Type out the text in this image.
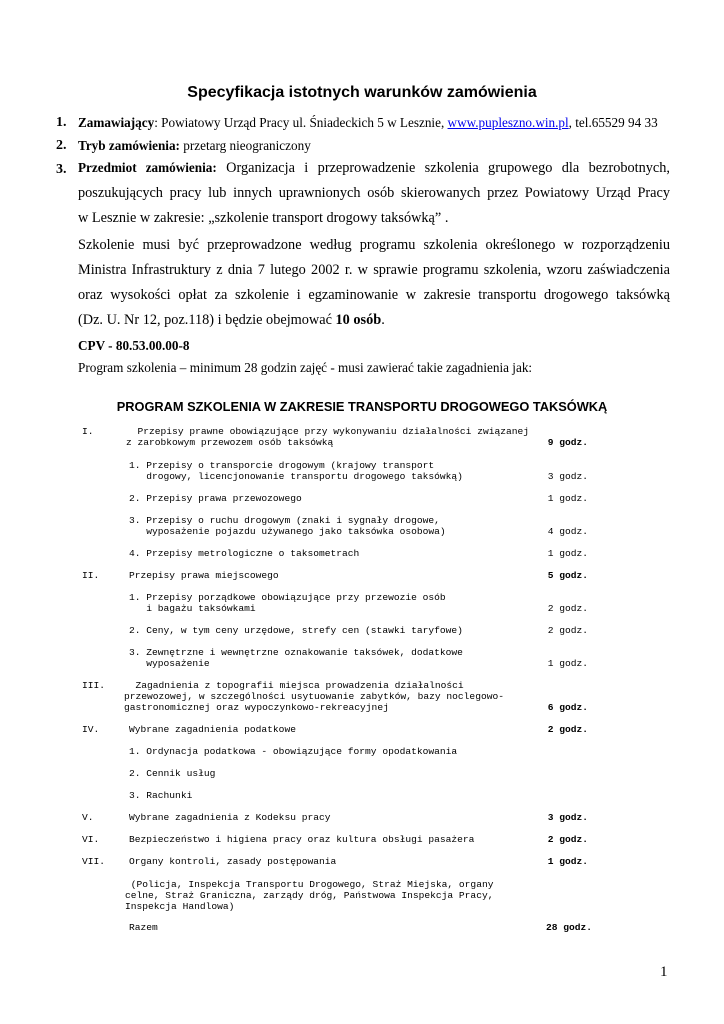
Specyfikacja istotnych warunków zamówienia
1. Zamawiający: Powiatowy Urząd Pracy ul. Śniadeckich 5 w Lesznie, www.pupleszno.win.pl, tel.65529 94 33
2. Tryb zamówienia: przetarg nieograniczony
3. Przedmiot zamówienia: Organizacja i przeprowadzenie szkolenia grupowego dla bezrobotnych,
poszukujących pracy lub innych uprawnionych osób skierowanych przez Powiatowy Urząd Pracy
w Lesznie w zakresie: „szkolenie transport drogowy taksówką” .
Szkolenie musi być przeprowadzone według programu szkolenia określonego w rozporządzeniu
Ministra Infrastruktury z dnia 7 lutego 2002 r. w sprawie programu szkolenia, wzoru zaświadczenia
oraz wysokości opłat za szkolenie i egzaminowanie w zakresie transportu drogowego taksówką
(Dz. U. Nr 12, poz.118) i będzie obejmować 10 osób.
CPV - 80.53.00.00-8
Program szkolenia – minimum 28 godzin zajęć - musi zawierać takie zagadnienia jak:
PROGRAM SZKOLENIA W ZAKRESIE TRANSPORTU DROGOWEGO TAKSÓWKĄ
I.	Przepisy prawne obowiązujące przy wykonywaniu działalności związanej
z zarobkowym przewozem osób taksówką	9 godz.
1. Przepisy o transporcie drogowym (krajowy transport
drogowy, licencjonowanie transportu drogowego taksówką)	3 godz.
2. Przepisy prawa przewozowego	1 godz.
3. Przepisy o ruchu drogowym (znaki i sygnały drogowe,
wyposażenie pojazdu używanego jako taksówka osobowa)	4 godz.
4. Przepisy metrologiczne o taksometrach	1 godz.
II.	Przepisy prawa miejscowego	5 godz.
1. Przepisy porządkowe obowiązujące przy przewozie osób
i bagażu taksówkami	2 godz.
2. Ceny, w tym ceny urzędowe, strefy cen (stawki taryfowe)	2 godz.
3. Zewnętrzne i wewnętrzne oznakowanie taksówek, dodatkowe
wyposażenie	1 godz.
III. Zagadnienia z topografii miejsca prowadzenia działalności
przewozowej, w szczególności usytuowanie zabytków, bazy noclegowo-
gastronomicznej oraz wypoczynkowo-rekreacyjnej	6 godz.
IV.	Wybrane zagadnienia podatkowe	2 godz.
1. Ordynacja podatkowa - obowiązujące formy opodatkowania
2. Cennik usług
3. Rachunki
V.	Wybrane zagadnienia z Kodeksu pracy	3 godz.
VI.	Bezpieczeństwo i higiena pracy oraz kultura obsługi pasażera	2 godz.
VII. Organy kontroli, zasady postępowania	1 godz.
(Policja, Inspekcja Transportu Drogowego, Straż Miejska, organy
celne, Straż Graniczna, zarządy dróg, Państwowa Inspekcja Pracy,
Inspekcja Handlowa)
Razem	28 godz.
1
